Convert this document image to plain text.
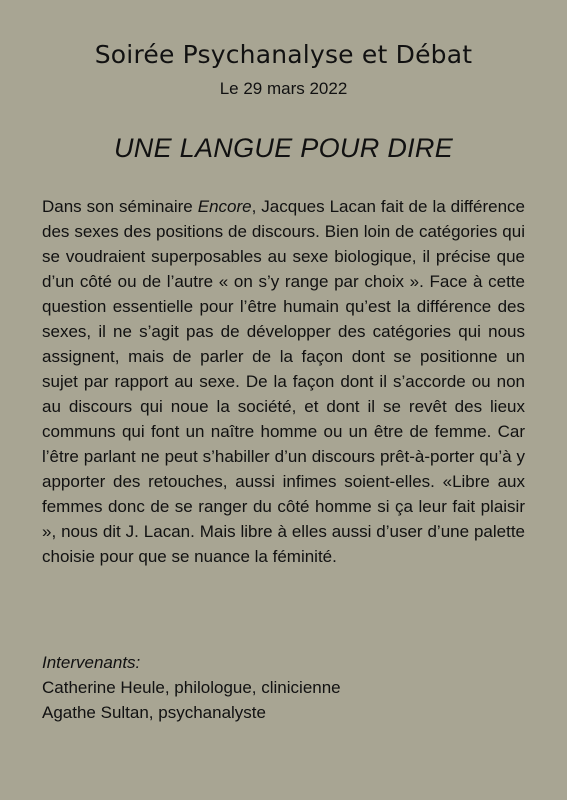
Soirée Psychanalyse et Débat
Le 29 mars 2022
UNE LANGUE POUR DIRE
Dans son séminaire Encore, Jacques Lacan fait de la différence des sexes des positions de discours. Bien loin de catégories qui se voudraient superposables au sexe biologique, il précise que d’un côté ou de l’autre « on s’y range par choix ». Face à cette question essentielle pour l’être humain qu’est la différence des sexes, il ne s’agit pas de développer des catégories qui nous assignent, mais de parler de la façon dont se positionne un sujet par rapport au sexe. De la façon dont il s’accorde ou non au discours qui noue la société, et dont il se revêt des lieux communs qui font un naître homme ou un être de femme. Car l’être parlant ne peut s’habiller d’un discours prêt-à-porter qu’à y apporter des retouches, aussi infimes soient-elles. «Libre aux femmes donc de se ranger du côté homme si ça leur fait plaisir », nous dit J. Lacan. Mais libre à elles aussi d’user d’une palette choisie pour que se nuance la féminité.
Intervenants:
Catherine Heule, philologue, clinicienne
Agathe Sultan, psychanalyste
